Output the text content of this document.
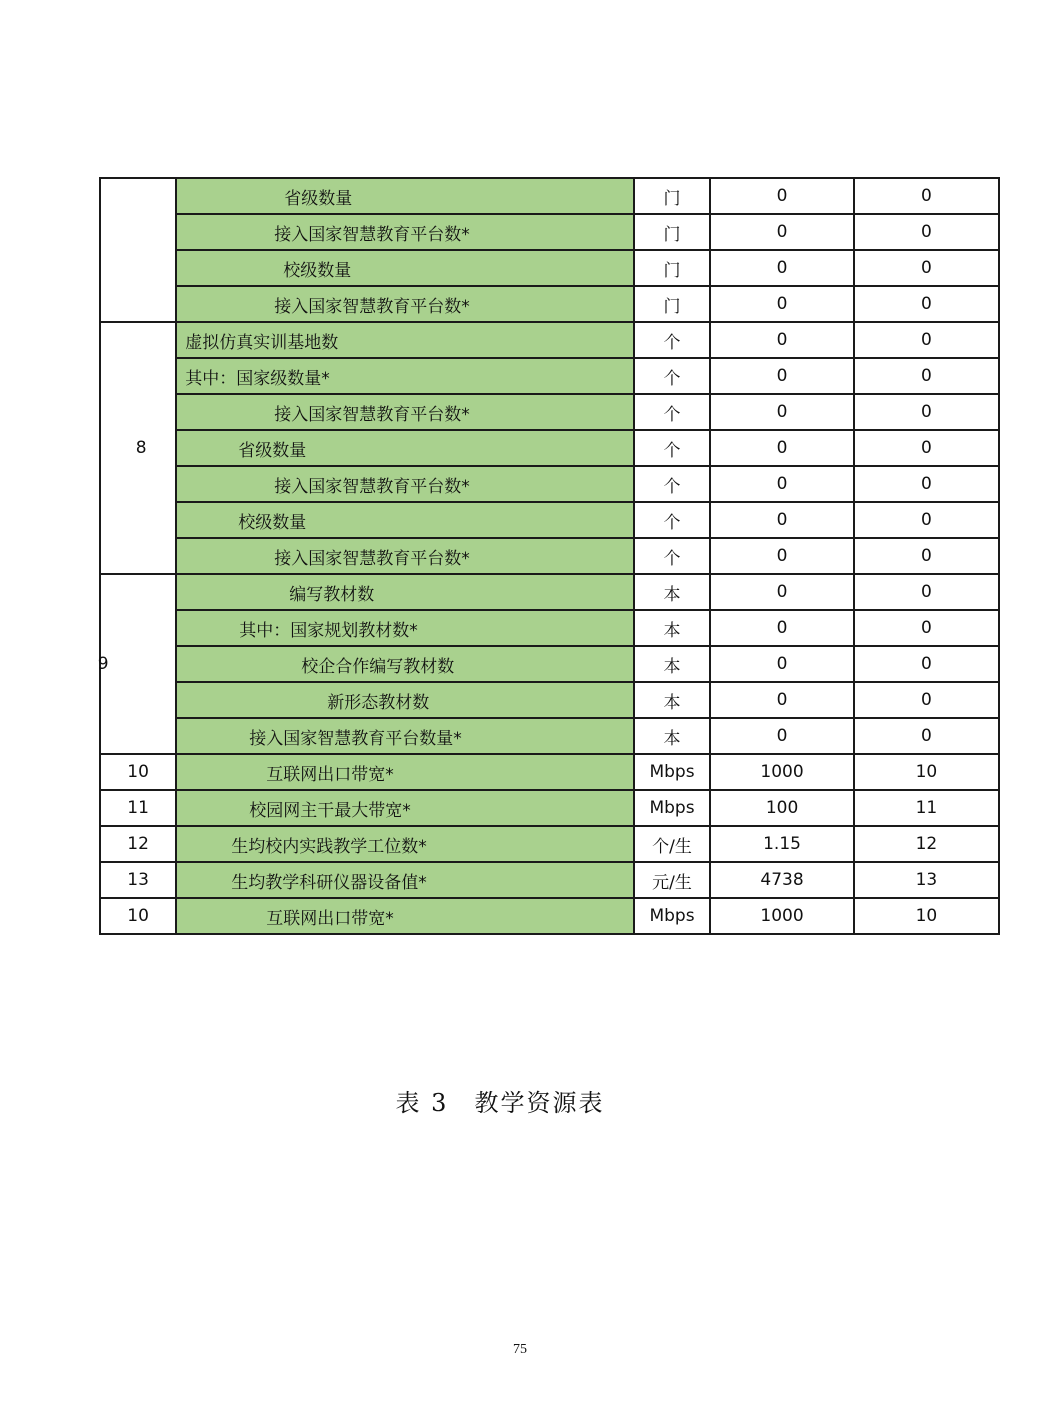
	省级数量	门	0	0
	接入国家智慧教育平台数*	门	0	0
	校级数量	门	0	0
	接入国家智慧教育平台数*	门	0	0
8	虚拟仿真实训基地数	个	0	0
	其中：国家级数量*	个	0	0
	接入国家智慧教育平台数*	个	0	0
	省级数量	个	0	0
	接入国家智慧教育平台数*	个	0	0
	校级数量	个	0	0
	接入国家智慧教育平台数*	个	0	0
9	编写教材数	本	0	0
	其中：国家规划教材数*	本	0	0
	校企合作编写教材数	本	0	0
	新形态教材数	本	0	0
	接入国家智慧教育平台数量*	本	0	0
10	互联网出口带宽*	Mbps	1000	10
11	校园网主干最大带宽*	Mbps	100	11
12	生均校内实践教学工位数*	个/生	1.15	12
13	生均教学科研仪器设备值*	元/生	4738	13
10	互联网出口带宽*	Mbps	1000	10
表 3　教学资源表
75
